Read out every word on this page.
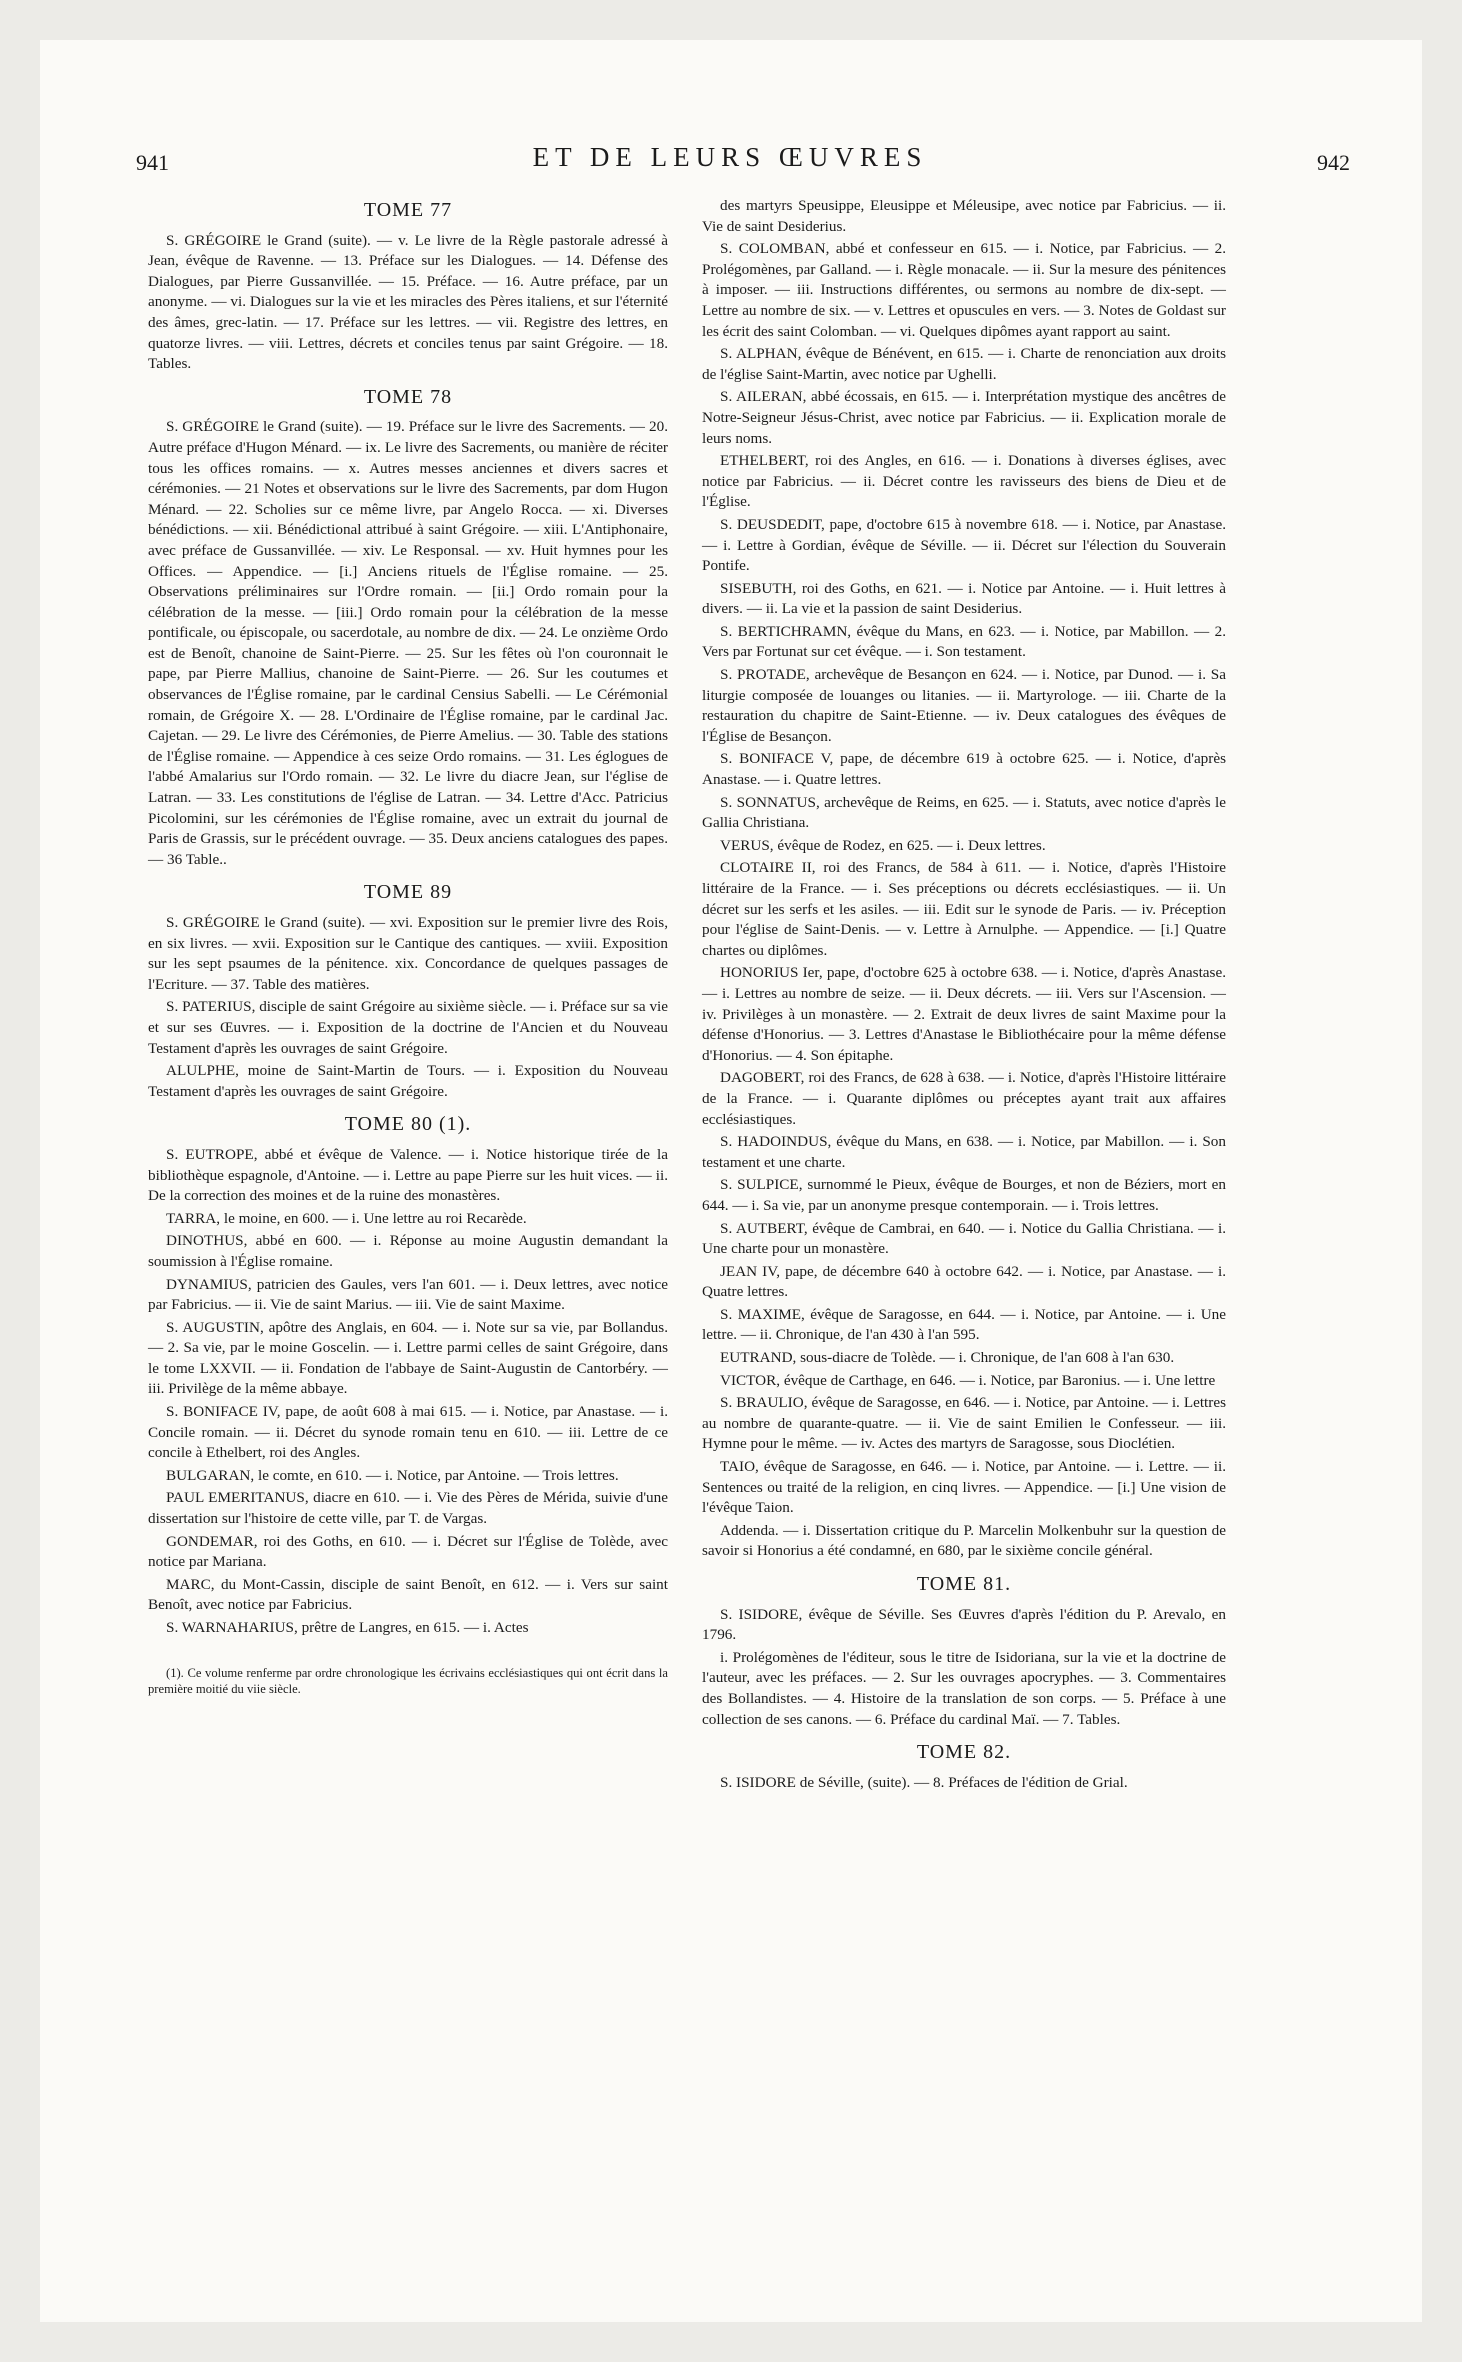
941	ET DE LEURS ŒUVRES	942
TOME 77

S. GRÉGOIRE le Grand (suite). — v. Le livre de la Règle pastorale adressé à Jean, évêque de Ravenne. — 13. Préface sur les Dialogues. — 14. Défense des Dialogues, par Pierre Gussanvillée. — 15. Préface. — 16. Autre préface, par un anonyme. — vi. Dialogues sur la vie et les miracles des Pères italiens, et sur l'éternité des âmes, grec-latin. — 17. Préface sur les lettres. — vii. Registre des lettres, en quatorze livres. — viii. Lettres, décrets et conciles tenus par saint Grégoire. — 18. Tables.

TOME 78

S. GRÉGOIRE le Grand (suite). — 19. Préface sur le livre des Sacrements. — 20. Autre préface d'Hugon Ménard. — ix. Le livre des Sacrements, ou manière de réciter tous les offices romains. — x. Autres messes anciennes et divers sacres et cérémonies. — 21 Notes et observations sur le livre des Sacrements, par dom Hugon Ménard. — 22. Scholies sur ce même livre, par Angelo Rocca. — xi. Diverses bénédictions. — xii. Bénédictional attribué à saint Grégoire. — xiii. L'Antiphonaire, avec préface de Gussanvillée. — xiv. Le Responsal. — xv. Huit hymnes pour les Offices. — Appendice. — [i.] Anciens rituels de l'Église romaine. — 25. Observations préliminaires sur l'Ordre romain. — [ii.] Ordo romain pour la célébration de la messe. — [iii.] Ordo romain pour la célébration de la messe pontificale, ou épiscopale, ou sacerdotale, au nombre de dix. — 24. Le onzième Ordo est de Benoît, chanoine de Saint-Pierre. — 25. Sur les fêtes où l'on couronnait le pape, par Pierre Mallius, chanoine de Saint-Pierre. — 26. Sur les coutumes et observances de l'Église romaine, par le cardinal Censius Sabelli. — Le Cérémonial romain, de Grégoire X. — 28. L'Ordinaire de l'Église romaine, par le cardinal Jac. Cajetan. — 29. Le livre des Cérémonies, de Pierre Amelius. — 30. Table des stations de l'Église romaine. — Appendice à ces seize Ordo romains. — 31. Les églogues de l'abbé Amalarius sur l'Ordo romain. — 32. Le livre du diacre Jean, sur l'église de Latran. — 33. Les constitutions de l'église de Latran. — 34. Lettre d'Acc. Patricius Picolomini, sur les cérémonies de l'Église romaine, avec un extrait du journal de Paris de Grassis, sur le précédent ouvrage. — 35. Deux anciens catalogues des papes. — 36 Table..

TOME 89

S. GRÉGOIRE le Grand (suite). — xvi. Exposition sur le premier livre des Rois, en six livres. — xvii. Exposition sur le Cantique des cantiques. — xviii. Exposition sur les sept psaumes de la pénitence. xix. Concordance de quelques passages de l'Ecriture. — 37. Table des matières.

S. PATERIUS, disciple de saint Grégoire au sixième siècle. — i. Préface sur sa vie et sur ses Œuvres. — i. Exposition de la doctrine de l'Ancien et du Nouveau Testament d'après les ouvrages de saint Grégoire.

ALULPHE, moine de Saint-Martin de Tours. — i. Exposition du Nouveau Testament d'après les ouvrages de saint Grégoire.

TOME 80 (1).

S. EUTROPE, abbé et évêque de Valence. — i. Notice historique tirée de la bibliothèque espagnole, d'Antoine. — i. Lettre au pape Pierre sur les huit vices. — ii. De la correction des moines et de la ruine des monastères.

TARRA, le moine, en 600. — i. Une lettre au roi Recarède.

DINOTHUS, abbé en 600. — i. Réponse au moine Augustin demandant la soumission à l'Église romaine.

DYNAMIUS, patricien des Gaules, vers l'an 601. — i. Deux lettres, avec notice par Fabricius. — ii. Vie de saint Marius. — iii. Vie de saint Maxime.

S. AUGUSTIN, apôtre des Anglais, en 604. — i. Note sur sa vie, par Bollandus. — 2. Sa vie, par le moine Goscelin. — i. Lettre parmi celles de saint Grégoire, dans le tome LXXVII. — ii. Fondation de l'abbaye de Saint-Augustin de Cantorbéry. — iii. Privilège de la même abbaye.

S. BONIFACE IV, pape, de août 608 à mai 615. — i. Notice, par Anastase. — i. Concile romain. — ii. Décret du synode romain tenu en 610. — iii. Lettre de ce concile à Ethelbert, roi des Angles.

BULGARAN, le comte, en 610. — i. Notice, par Antoine. — Trois lettres.

PAUL EMERITANUS, diacre en 610. — i. Vie des Pères de Mérida, suivie d'une dissertation sur l'histoire de cette ville, par T. de Vargas.

GONDEMAR, roi des Goths, en 610. — i. Décret sur l'Église de Tolède, avec notice par Mariana.

MARC, du Mont-Cassin, disciple de saint Benoît, en 612. — i. Vers sur saint Benoît, avec notice par Fabricius.

S. WARNAHARIUS, prêtre de Langres, en 615. — i. Actes

(1). Ce volume renferme par ordre chronologique les écrivains ecclésiastiques qui ont écrit dans la première moitié du viie siècle.

des martyrs Speusippe, Eleusippe et Méleusipe, avec notice par Fabricius. — ii. Vie de saint Desiderius.

S. COLOMBAN, abbé et confesseur en 615. — i. Notice, par Fabricius. — 2. Prolégomènes, par Galland. — i. Règle monacale. — ii. Sur la mesure des pénitences à imposer. — iii. Instructions différentes, ou sermons au nombre de dix-sept. — Lettre au nombre de six. — v. Lettres et opuscules en vers. — 3. Notes de Goldast sur les écrit des saint Colomban. — vi. Quelques dipômes ayant rapport au saint.

S. ALPHAN, évêque de Bénévent, en 615. — i. Charte de renonciation aux droits de l'église Saint-Martin, avec notice par Ughelli.

S. AILERAN, abbé écossais, en 615. — i. Interprétation mystique des ancêtres de Notre-Seigneur Jésus-Christ, avec notice par Fabricius. — ii. Explication morale de leurs noms.

ETHELBERT, roi des Angles, en 616. — i. Donations à diverses églises, avec notice par Fabricius. — ii. Décret contre les ravisseurs des biens de Dieu et de l'Église.

S. DEUSDEDIT, pape, d'octobre 615 à novembre 618. — i. Notice, par Anastase. — i. Lettre à Gordian, évêque de Séville. — ii. Décret sur l'élection du Souverain Pontife.

SISEBUTH, roi des Goths, en 621. — i. Notice par Antoine. — i. Huit lettres à divers. — ii. La vie et la passion de saint Desiderius.

S. BERTICHRAMN, évêque du Mans, en 623. — i. Notice, par Mabillon. — 2. Vers par Fortunat sur cet évêque. — i. Son testament.

S. PROTADE, archevêque de Besançon en 624. — i. Notice, par Dunod. — i. Sa liturgie composée de louanges ou litanies. — ii. Martyrologe. — iii. Charte de la restauration du chapitre de Saint-Etienne. — iv. Deux catalogues des évêques de l'Église de Besançon.

S. BONIFACE V, pape, de décembre 619 à octobre 625. — i. Notice, d'après Anastase. — i. Quatre lettres.

S. SONNATUS, archevêque de Reims, en 625. — i. Statuts, avec notice d'après le Gallia Christiana.

VERUS, évêque de Rodez, en 625. — i. Deux lettres.

CLOTAIRE II, roi des Francs, de 584 à 611. — i. Notice, d'après l'Histoire littéraire de la France. — i. Ses préceptions ou décrets ecclésiastiques. — ii. Un décret sur les serfs et les asiles. — iii. Edit sur le synode de Paris. — iv. Préception pour l'église de Saint-Denis. — v. Lettre à Arnulphe. — Appendice. — [i.] Quatre chartes ou diplômes.

HONORIUS Ier, pape, d'octobre 625 à octobre 638. — i. Notice, d'après Anastase. — i. Lettres au nombre de seize. — ii. Deux décrets. — iii. Vers sur l'Ascension. — iv. Privilèges à un monastère. — 2. Extrait de deux livres de saint Maxime pour la défense d'Honorius. — 3. Lettres d'Anastase le Bibliothécaire pour la même défense d'Honorius. — 4. Son épitaphe.

DAGOBERT, roi des Francs, de 628 à 638. — i. Notice, d'après l'Histoire littéraire de la France. — i. Quarante diplômes ou préceptes ayant trait aux affaires ecclésiastiques.

S. HADOINDUS, évêque du Mans, en 638. — i. Notice, par Mabillon. — i. Son testament et une charte.

S. SULPICE, surnommé le Pieux, évêque de Bourges, et non de Béziers, mort en 644. — i. Sa vie, par un anonyme presque contemporain. — i. Trois lettres.

S. AUTBERT, évêque de Cambrai, en 640. — i. Notice du Gallia Christiana. — i. Une charte pour un monastère.

JEAN IV, pape, de décembre 640 à octobre 642. — i. Notice, par Anastase. — i. Quatre lettres.

S. MAXIME, évêque de Saragosse, en 644. — i. Notice, par Antoine. — i. Une lettre. — ii. Chronique, de l'an 430 à l'an 595.

EUTRAND, sous-diacre de Tolède. — i. Chronique, de l'an 608 à l'an 630.

VICTOR, évêque de Carthage, en 646. — i. Notice, par Baronius. — i. Une lettre

S. BRAULIO, évêque de Saragosse, en 646. — i. Notice, par Antoine. — i. Lettres au nombre de quarante-quatre. — ii. Vie de saint Emilien le Confesseur. — iii. Hymne pour le même. — iv. Actes des martyrs de Saragosse, sous Dioclétien.

TAIO, évêque de Saragosse, en 646. — i. Notice, par Antoine. — i. Lettre. — ii. Sentences ou traité de la religion, en cinq livres. — Appendice. — [i.] Une vision de l'évêque Taion.

Addenda. — i. Dissertation critique du P. Marcelin Molkenbuhr sur la question de savoir si Honorius a été condamné, en 680, par le sixième concile général.

TOME 81.

S. ISIDORE, évêque de Séville. Ses Œuvres d'après l'édition du P. Arevalo, en 1796.

i. Prolégomènes de l'éditeur, sous le titre de Isidoriana, sur la vie et la doctrine de l'auteur, avec les préfaces. — 2. Sur les ouvrages apocryphes. — 3. Commentaires des Bollandistes. — 4. Histoire de la translation de son corps. — 5. Préface à une collection de ses canons. — 6. Préface du cardinal Maï. — 7. Tables.

TOME 82.

S. ISIDORE de Séville, (suite). — 8. Préfaces de l'édition de Grial.
